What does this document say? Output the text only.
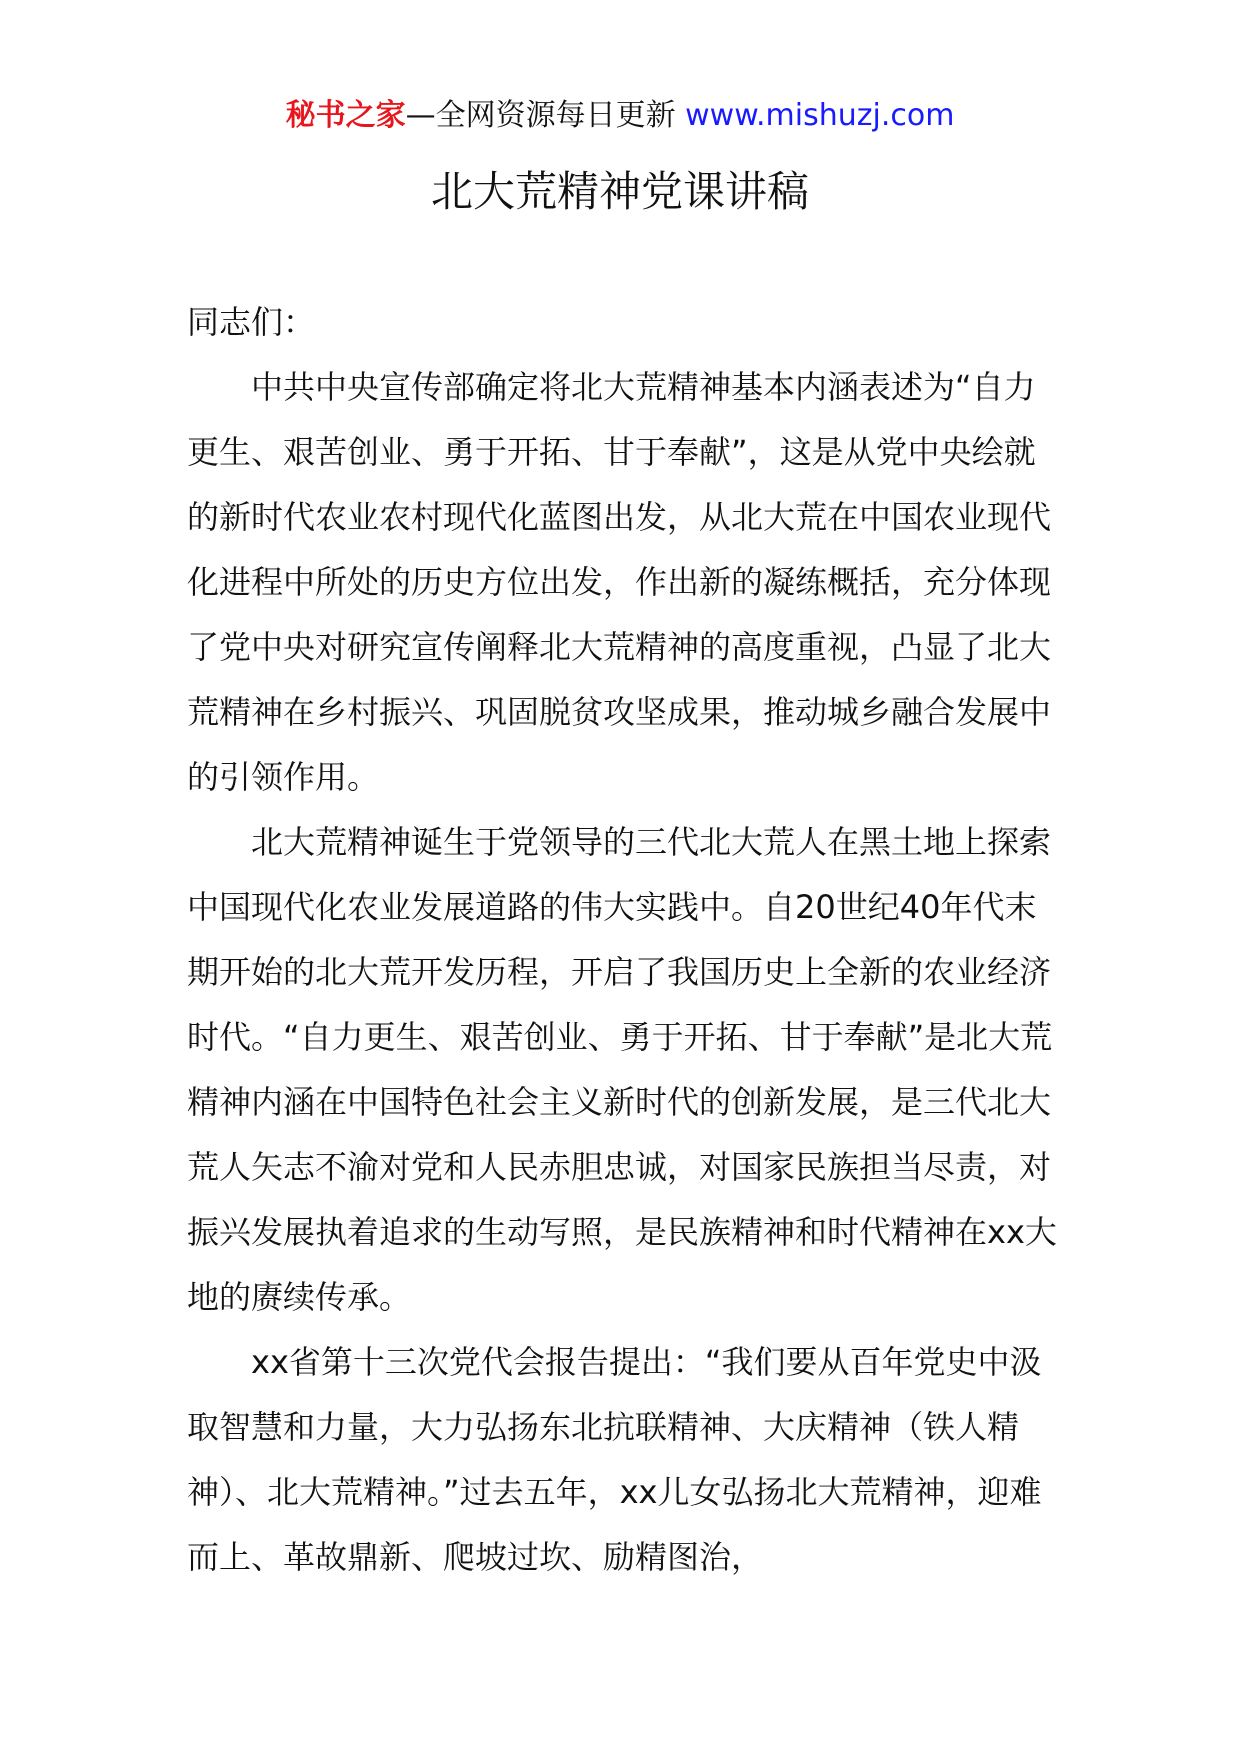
秘书之家—全网资源每日更新 www.mishuzj.com
北大荒精神党课讲稿

同志们：

中共中央宣传部确定将北大荒精神基本内涵表述为“自力更生、艰苦创业、勇于开拓、甘于奉献”，这是从党中央绘就的新时代农业农村现代化蓝图出发，从北大荒在中国农业现代化进程中所处的历史方位出发，作出新的凝练概括，充分体现了党中央对研究宣传阐释北大荒精神的高度重视，凸显了北大荒精神在乡村振兴、巩固脱贫攻坚成果，推动城乡融合发展中的引领作用。

北大荒精神诞生于党领导的三代北大荒人在黑土地上探索中国现代化农业发展道路的伟大实践中。自20世纪40年代末期开始的北大荒开发历程，开启了我国历史上全新的农业经济时代。“自力更生、艰苦创业、勇于开拓、甘于奉献”是北大荒精神内涵在中国特色社会主义新时代的创新发展，是三代北大荒人矢志不渝对党和人民赤胆忠诚，对国家民族担当尽责，对振兴发展执着追求的生动写照，是民族精神和时代精神在xx大地的赓续传承。

xx省第十三次党代会报告提出：“我们要从百年党史中汲取智慧和力量，大力弘扬东北抗联精神、大庆精神（铁人精神）、北大荒精神。”过去五年，xx儿女弘扬北大荒精神，迎难而上、革故鼎新、爬坡过坎、励精图治，
